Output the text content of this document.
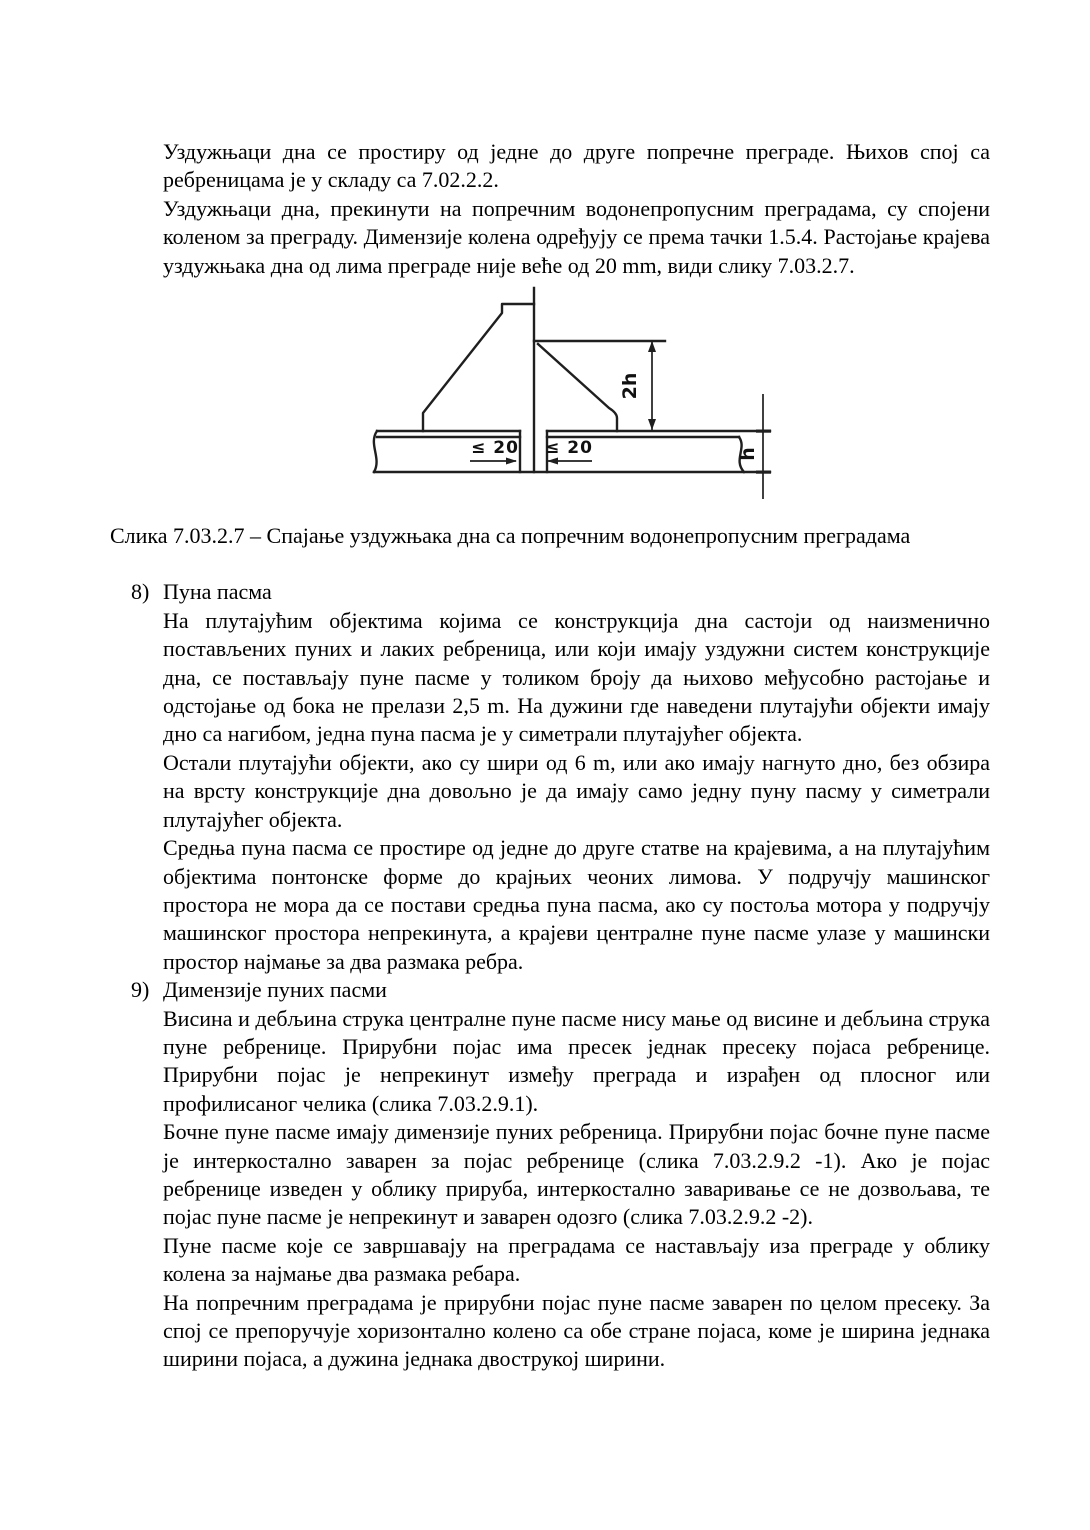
Уздужњаци дна се простиру од једне до друге попречне преграде. Њихов спој са ребреницама је у складу са 7.02.2.2.

Уздужњаци дна, прекинути на попречним водонепропусним преградама, су спојени коленом за преграду. Димензије колена одређују се према тачки 1.5.4. Растојање крајева уздужњака дна од лима преграде није веће од 20 mm, види слику 7.03.2.7.

≤ 20 ≤ 20
2h
h

Слика 7.03.2.7 – Спајање уздужњака дна са попречним водонепропусним преградама

8) Пуна пасма

На плутајућим објектима којима се конструкција дна састоји од наизменично постављених пуних и лаких ребреница, или који имају уздужни систем конструкције дна, се постављају пуне пасме у толиком броју да њихово међусобно растојање и одстојање од бока не прелази 2,5 m. На дужини где наведени плутајући објекти имају дно са нагибом, једна пуна пасма је у симетрали плутајућег објекта.

Остали плутајући објекти, ако су шири од 6 m, или ако имају нагнуто дно, без обзира на врсту конструкције дна довољно је да имају само једну пуну пасму у симетрали плутајућег објекта.

Средња пуна пасма се простире од једне до друге статве на крајевима, а на плутајућим објектима понтонске форме до крајњих чеоних лимова. У подручју машинског простора не мора да се постави средња пуна пасма, ако су постоља мотора у подручју машинског простора непрекинута, а крајеви централне пуне пасме улазе у машински простор најмање за два размака ребра.

9) Димензије пуних пасми

Висина и дебљина струка централне пуне пасме нису мање од висине и дебљина струка пуне ребренице. Прирубни појас има пресек једнак пресеку појаса ребренице. Прирубни појас је непрекинут између преграда и израђен од плосног или профилисаног челика (слика 7.03.2.9.1).

Бочне пуне пасме имају димензије пуних ребреница. Прирубни појас бочне пуне пасме је интеркостално заварен за појас ребренице (слика 7.03.2.9.2 -1). Ако је појас ребренице изведен у облику прируба, интеркостално заваривање се не дозвољава, те појас пуне пасме је непрекинут и заварен одозго (слика 7.03.2.9.2 -2).

Пуне пасме које се завршавају на преградама се настављају иза преграде у облику колена за најмање два размака ребара.

На попречним преградама је прирубни појас пуне пасме заварен по целом пресеку. За спој се препоручује хоризонтално колено са обе стране појаса, коме је ширина једнака ширини појаса, а дужина једнака двострукој ширини.
